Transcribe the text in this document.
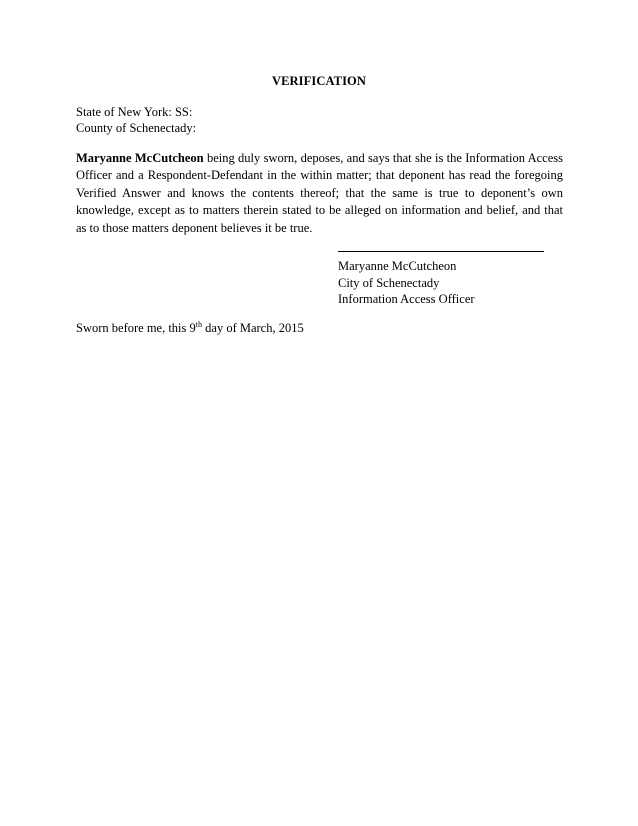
VERIFICATION
State of New York: SS:
County of Schenectady:

Maryanne McCutcheon being duly sworn, deposes, and says that she is the Information Access Officer and a Respondent-Defendant in the within matter; that deponent has read the foregoing Verified Answer and knows the contents thereof; that the same is true to deponent’s own knowledge, except as to matters therein stated to be alleged on information and belief, and that as to those matters deponent believes it be true.

Maryanne McCutcheon
City of Schenectady
Information Access Officer
Sworn before me, this 9th day of March, 2015
